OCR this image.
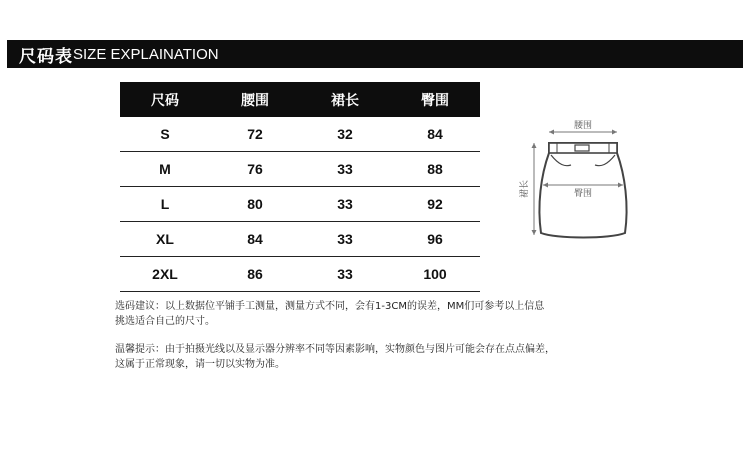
尺码表 SIZE EXPLAINATION
尺码	腰围	裙长	臀围
S	72	32	84
M	76	33	88
L	80	33	92
XL	84	33	96
2XL	86	33	100
腰围
臀围
裙长
选码建议：以上数据位平铺手工测量，测量方式不同，会有1-3CM的误差，MM们可参考以上信息
挑选适合自己的尺寸。
温馨提示：由于拍摄光线以及显示器分辨率不同等因素影响，实物颜色与图片可能会存在点点偏差，
这属于正常现象，请一切以实物为准。
